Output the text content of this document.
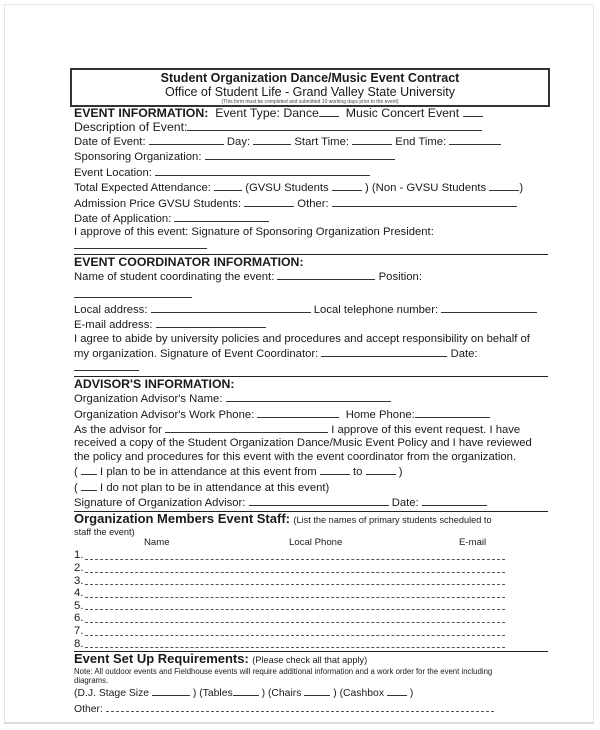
Student Organization Dance/Music Event Contract
Office of Student Life - Grand Valley State University
(This form must be completed and submitted 10 working days prior to the event)
EVENT INFORMATION: Event Type: Dance Music Concert Event
Description of Event:
Date of Event:	Day:	Start Time:	End Time:
Sponsoring Organization:
Event Location:
Total Expected Attendance:	(GVSU Students	) (Non - GVSU Students	)
Admission Price GVSU Students:	Other:
Date of Application:
I approve of this event: Signature of Sponsoring Organization President:
EVENT COORDINATOR INFORMATION:
Name of student coordinating the event:	Position:
Local address:	Local telephone number:
E-mail address:
I agree to abide by university policies and procedures and accept responsibility on behalf of
my organization. Signature of Event Coordinator:	Date:
ADVISOR'S INFORMATION:
Organization Advisor's Name:
Organization Advisor's Work Phone:	Home Phone:
As the advisor for	I approve of this event request. I have
received a copy of the Student Organization Dance/Music Event Policy and I have reviewed
the policy and procedures for this event with the event coordinator from the organization.
( I plan to be in attendance at this event from	to	)
( I do not plan to be in attendance at this event)
Signature of Organization Advisor:	Date:
Organization Members Event Staff: (List the names of primary students scheduled to
staff the event)
Name	Local Phone	E-mail
1.
2.
3.
4.
5.
6.
7.
8.
Event Set Up Requirements: (Please check all that apply)
Note: All outdoor events and Fieldhouse events will require additional information and a work order for the event including
diagrams.
(D.J. Stage Size	) (Tables	) (Chairs	) (Cashbox )
Other:
